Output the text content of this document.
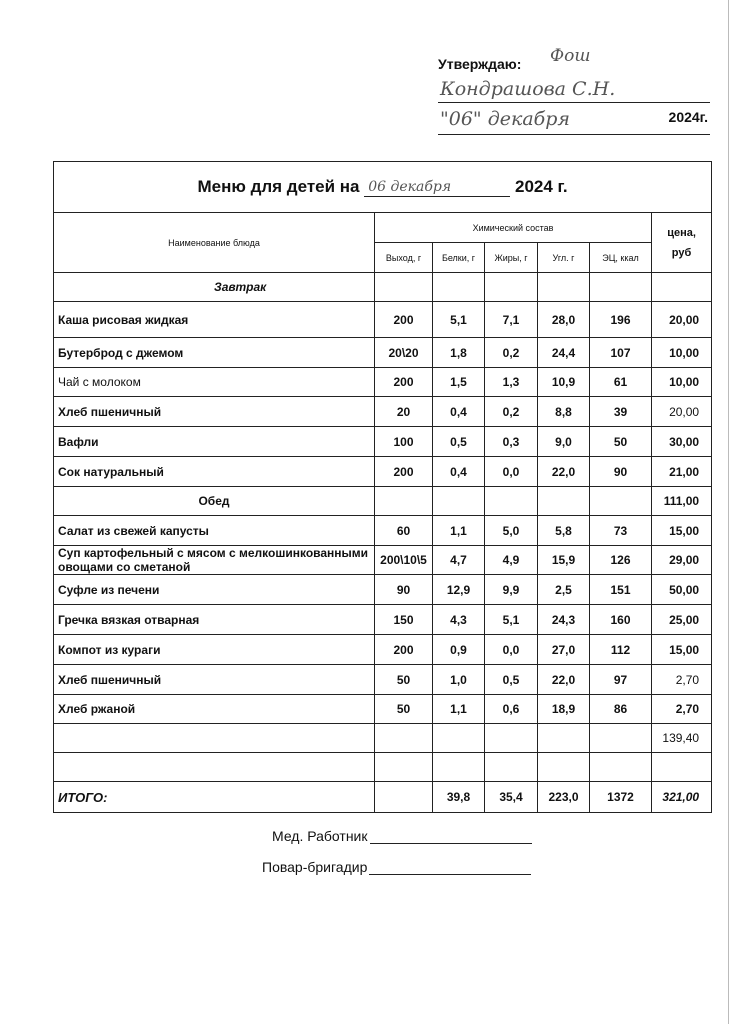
Утверждаю: Фош
Кондрашова С.Н.
"06" декабря	2024г.
Меню для детей на 06 декабря 2024 г.						
Наименование блюда	Химический состав					цена, руб
	Выход, г	Белки, г	Жиры, г	Угл. г	ЭЦ, ккал	
Завтрак						
Каша рисовая жидкая	200	5,1	7,1	28,0	196	20,00
Бутерброд с джемом	20\20	1,8	0,2	24,4	107	10,00
Чай с молоком	200	1,5	1,3	10,9	61	10,00
Хлеб пшеничный	20	0,4	0,2	8,8	39	20,00
Вафли	100	0,5	0,3	9,0	50	30,00
Сок натуральный	200	0,4	0,0	22,0	90	21,00
Обед						111,00
Салат из свежей капусты	60	1,1	5,0	5,8	73	15,00
Суп картофельный с мясом с мелкошинкованными овощами со сметаной	200\10\5	4,7	4,9	15,9	126	29,00
Суфле из печени	90	12,9	9,9	2,5	151	50,00
Гречка вязкая отварная	150	4,3	5,1	24,3	160	25,00
Компот из кураги	200	0,9	0,0	27,0	112	15,00
Хлеб пшеничный	50	1,0	0,5	22,0	97	2,70
Хлеб ржаной	50	1,1	0,6	18,9	86	2,70
						139,40

ИТОГО:		39,8	35,4	223,0	1372	321,00
Мед. Работник
Повар-бригадир
